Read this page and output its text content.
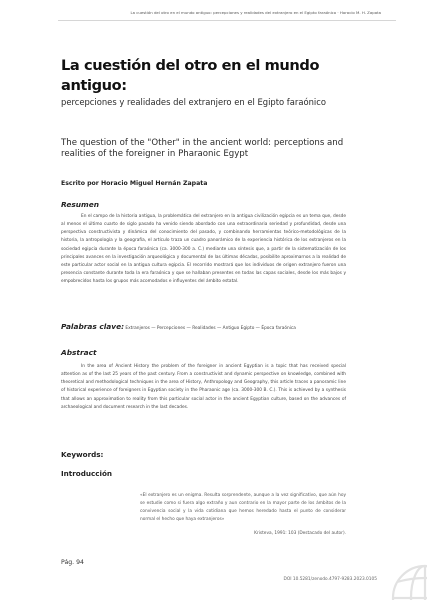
La cuestión del otro en el mundo antiguo: percepciones y realidades del extranjero en el Egipto faraónico · Horacio M. H. Zapata
La cuestión del otro en el mundo antiguo:

percepciones y realidades del extranjero en el Egipto faraónico

The question of the "Other" in the ancient world: perceptions and realities of the foreigner in Pharaonic Egypt

Escrito por Horacio Miguel Hernán Zapata

Resumen

En el campo de la historia antigua, la problemática del extranjero en la antigua civilización egipcia es un tema que, desde al menos el último cuarto de siglo pasado ha venido siendo abordado con una extraordinaria seriedad y profundidad, desde una perspectiva constructivista y dinámica del conocimiento del pasado, y combinando herramientas teórico-metodológicas de la historia, la antropología y la geografía, el artículo traza un cuadro panorámico de la experiencia histórica de los extranjeros en la sociedad egipcia durante la época faraónica (ca. 3000-300 a. C.) mediante una síntesis que, a partir de la sistematización de los principales avances en la investigación arqueológica y documental de las últimas décadas, posibilite aproximarnos a la realidad de este particular actor social en la antigua cultura egipcia. El recorrido mostrará que los individuos de origen extranjero fueron una presencia constante durante toda la era faraónica y que se hallaban presentes en todas las capas sociales, desde los más bajos y empobrecidos hasta los grupos más acomodados e influyentes del ámbito estatal.

Palabras clave: Extranjeros — Percepciones — Realidades — Antiguo Egipto — Época faraónica

Abstract

In the area of Ancient History the problem of the foreigner in ancient Egyptian is a topic that has received special attention as of the last 25 years of the past century. From a constructivist and dynamic perspective on knowledge, combined with theoretical and methodological techniques in the area of History, Anthropology and Geography, this article traces a panoramic line of historical experience of foreigners in Egyptian society in the Pharaonic age (ca. 3000-300 B. C.). This is achieved by a synthesis that allows an approximation to reality from this particular social actor in the ancient Egyptian culture, based on the advances of archaeological and document research in the last decades.

Keywords:
Introducción

«El extranjero es un enigma. Resulta sorprendente, aunque a la vez significativo, que aún hoy se estudie como si fuera algo extraño y aun contrario en la mayor parte de los ámbitos de la convivencia social y la vida cotidiana que hemos heredado hasta el punto de considerar normal el hecho que haya extranjeros»

Kristeva, 1991: 103 (Destacado del autor).

Pág. 94

DOI 10.5281/zenodo.4797-9283.2023.0105
